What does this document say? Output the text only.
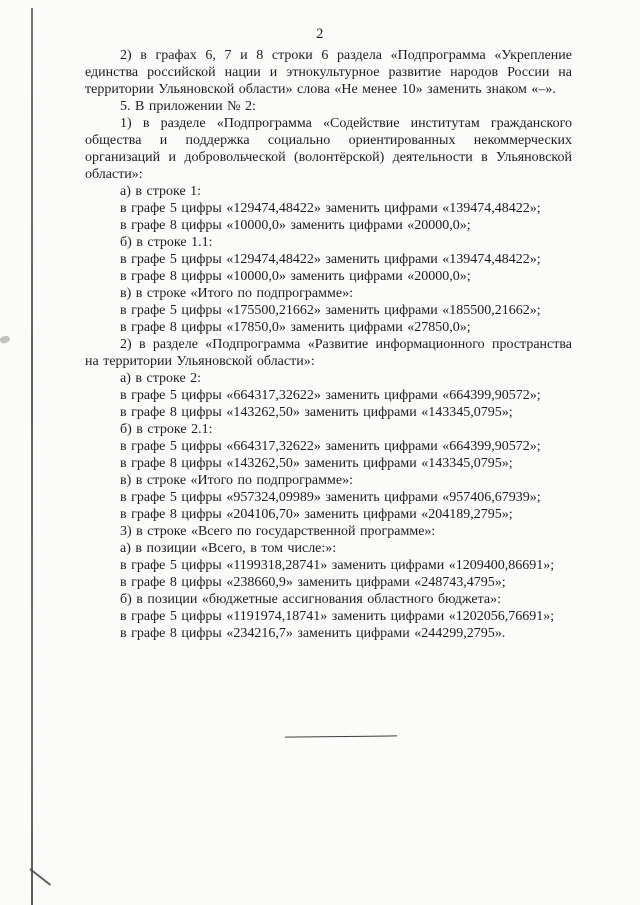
2

2) в графах 6, 7 и 8 строки 6 раздела «Подпрограмма «Укрепление единства российской нации и этнокультурное развитие народов России на территории Ульяновской области» слова «Не менее 10» заменить знаком «–».

5. В приложении № 2:

1) в разделе «Подпрограмма «Содействие институтам гражданского общества и поддержка социально ориентированных некоммерческих организаций и добровольческой (волонтёрской) деятельности в Ульяновской области»:

а) в строке 1:

в графе 5 цифры «129474,48422» заменить цифрами «139474,48422»;

в графе 8 цифры «10000,0» заменить цифрами «20000,0»;

б) в строке 1.1:

в графе 5 цифры «129474,48422» заменить цифрами «139474,48422»;

в графе 8 цифры «10000,0» заменить цифрами «20000,0»;

в) в строке «Итого по подпрограмме»:

в графе 5 цифры «175500,21662» заменить цифрами «185500,21662»;

в графе 8 цифры «17850,0» заменить цифрами «27850,0»;

2) в разделе «Подпрограмма «Развитие информационного пространства на территории Ульяновской области»:

а) в строке 2:

в графе 5 цифры «664317,32622» заменить цифрами «664399,90572»;

в графе 8 цифры «143262,50» заменить цифрами «143345,0795»;

б) в строке 2.1:

в графе 5 цифры «664317,32622» заменить цифрами «664399,90572»;

в графе 8 цифры «143262,50» заменить цифрами «143345,0795»;

в) в строке «Итого по подпрограмме»:

в графе 5 цифры «957324,09989» заменить цифрами «957406,67939»;

в графе 8 цифры «204106,70» заменить цифрами «204189,2795»;

3) в строке «Всего по государственной программе»:

а) в позиции «Всего, в том числе:»:

в графе 5 цифры «1199318,28741» заменить цифрами «1209400,86691»;

в графе 8 цифры «238660,9» заменить цифрами «248743,4795»;

б) в позиции «бюджетные ассигнования областного бюджета»:

в графе 5 цифры «1191974,18741» заменить цифрами «1202056,76691»;

в графе 8 цифры «234216,7» заменить цифрами «244299,2795».
